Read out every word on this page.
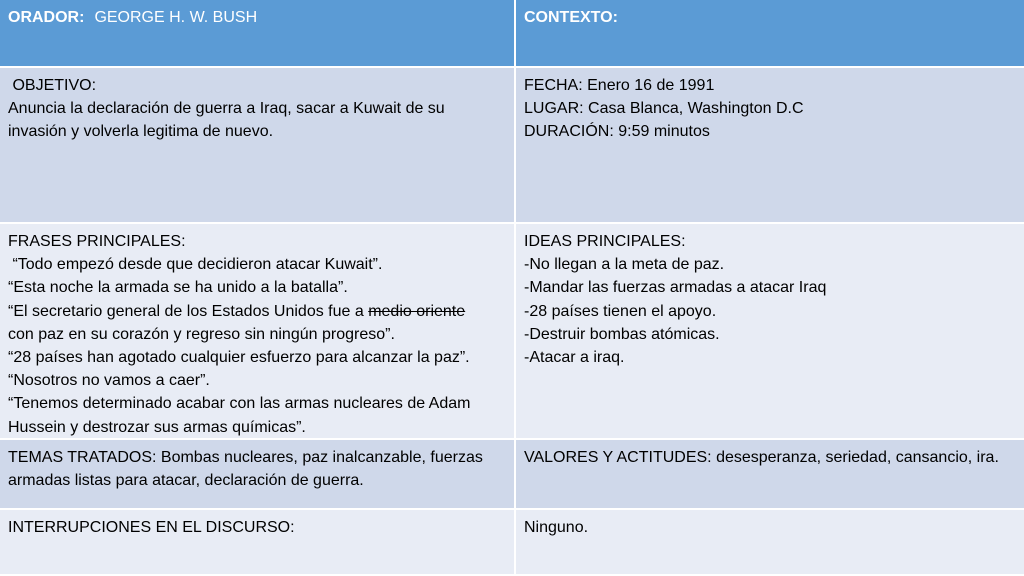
ORADOR: GEORGE H. W. BUSH	CONTEXTO:
OBJETIVO:
Anuncia la declaración de guerra a Iraq, sacar a Kuwait de su invasión y volverla legitima de nuevo.
FECHA: Enero 16 de 1991
LUGAR: Casa Blanca, Washington D.C
DURACIÓN: 9:59 minutos
FRASES PRINCIPALES:
“Todo empezó desde que decidieron atacar Kuwait”.
“Esta noche la armada se ha unido a la batalla”.
“El secretario general de los Estados Unidos fue a medio oriente
con paz en su corazón y regreso sin ningún progreso”.
“28 países han agotado cualquier esfuerzo para alcanzar la paz”.
“Nosotros no vamos a caer”.
“Tenemos determinado acabar con las armas nucleares de Adam Hussein y destrozar sus armas químicas”.
IDEAS PRINCIPALES:
-No llegan a la meta de paz.
-Mandar las fuerzas armadas a atacar Iraq
-28 países tienen el apoyo.
-Destruir bombas atómicas.
-Atacar a iraq.
TEMAS TRATADOS: Bombas nucleares, paz inalcanzable, fuerzas armadas listas para atacar, declaración de guerra.
VALORES Y ACTITUDES: desesperanza, seriedad, cansancio, ira.
INTERRUPCIONES EN EL DISCURSO:	Ninguno.
